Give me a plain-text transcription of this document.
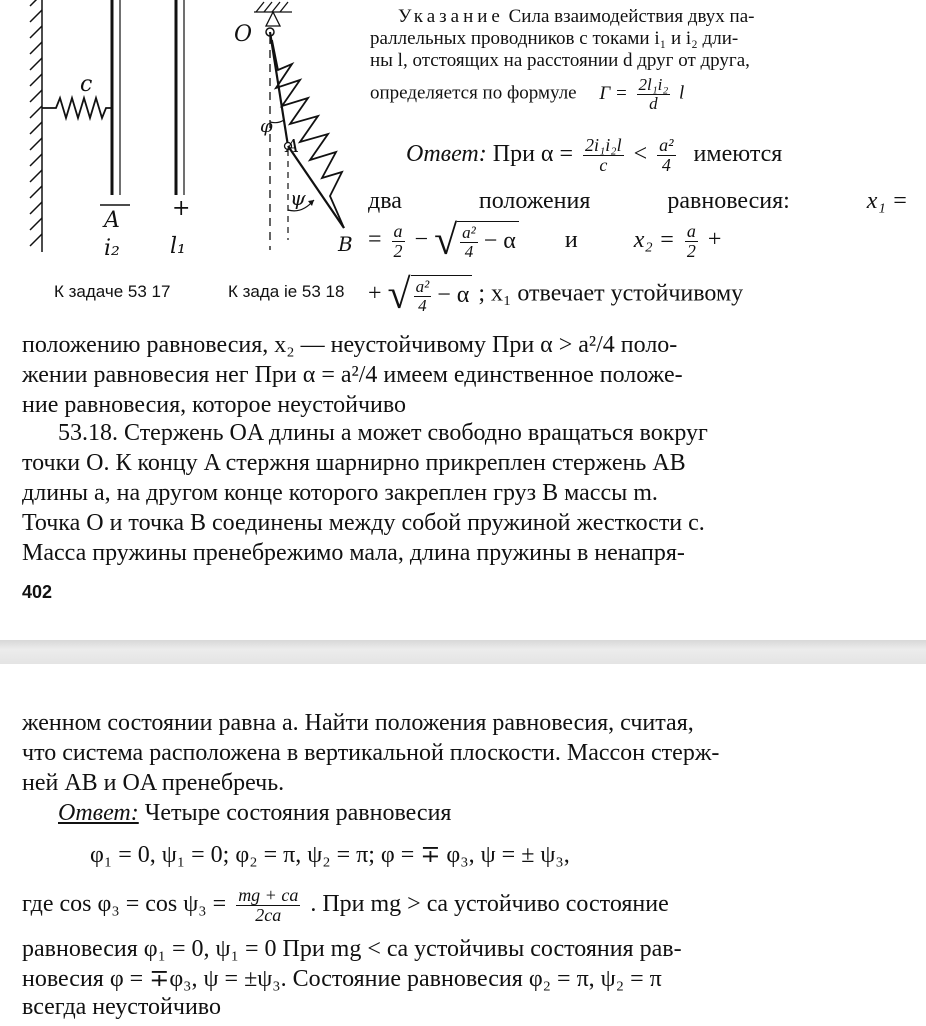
c
A
i₂
+
l₁
O
A
B
φ
ψ
К задаче 53 17	К зада іе 53 18
Указание Сила взаимодействия двух па-
раллельных проводников с токами i₁ и i₂ дли-
ны l, отстоящих на расстоянии d друг от друга,
определяется по формуле $Г = \frac{\text{2l₁i₂}}{d}$ l
Ответ: При $\alpha = \frac{\text{2i₁i₂l}}{c} < \frac{\text{a²}}{4}$ имеются
два	положения	равновесия:	x₁ =
= $\frac{a}{2}$ − √ $\frac{\text{a²}}{4} - \alpha$ и $x_2 = \frac{a}{2}$ +
+ √ $\frac{\text{a²}}{4} - \alpha$ ; x₁ отвечает устойчивому
положению равновесия, x₂ — неустойчивому При α > a²/4 поло-
жении равновесия нег При α = a²/4 имеем единственное положе-
ние равновесия, которое неустойчиво
53.18. Стержень OA длины a может свободно вращаться вокруг
точки O. К концу A стержня шарнирно прикреплен стержень AB
длины a, на другом конце которого закреплен груз B массы m.
Точка О и точка B соединены между собой пружиной жесткости c.
Масса пружины пренебрежимо мала, длина пружины в ненапря-
402
женном состоянии равна a. Найти положения равновесия, считая,
что система расположена в вертикальной плоскости. Массон стерж-
ней AB и OA пренебречь.
Ответ: Четыре состояния равновесия
φ₁ = 0, ψ₁ = 0; φ₂ = π, ψ₂ = π; φ = ∓ φ₃, ψ = ± ψ₃,
где $\cos \varphi_3 = \cos \psi_3 = \frac{mg + ca}{2ca}$ . При mg > ca устойчиво состояние
равновесия φ₁ = 0, ψ₁ = 0 При mg < ca устойчивы состояния рав-
новесия φ = ∓φ₃, ψ = ±ψ₃. Состояние равновесия φ₂ = π, ψ₂ = π
всегда неустойчиво
